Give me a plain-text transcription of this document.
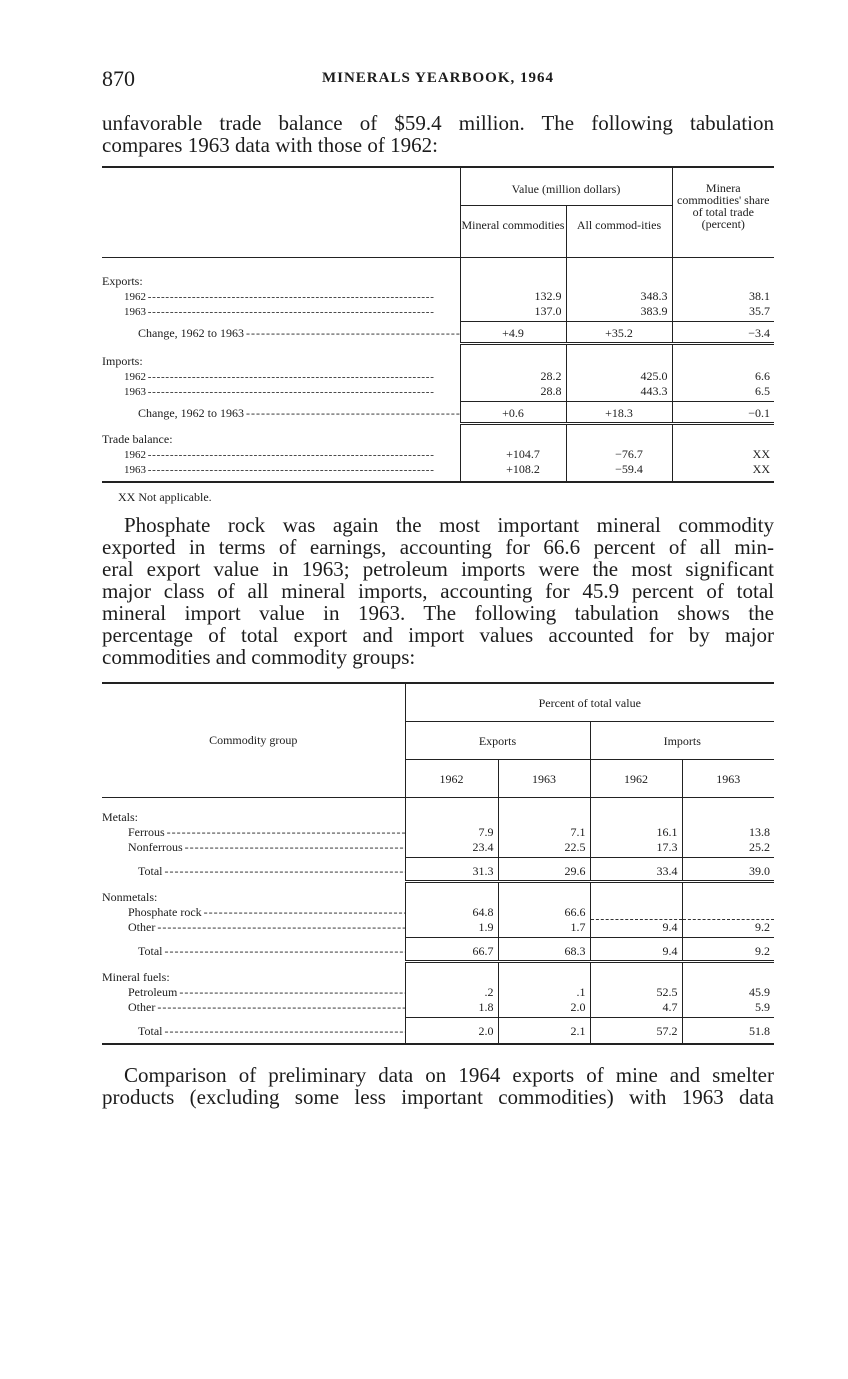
870	MINERALS YEARBOOK, 1964

unfavorable trade balance of $59.4 million. The following tabulation
compares 1963 data with those of 1962:

	Value (million dollars)		Minera commodities' share of total trade (percent)
	Mineral commodities	All commod-ities	
Exports:			
1962 - - -	132.9	348.3	38.1
1963 - - -	137.0	383.9	35.7
Change, 1962 to 1963 - - -	+4.9	+35.2	−3.4
Imports:			
1962 - - -	28.2	425.0	6.6
1963 - - -	28.8	443.3	6.5
Change, 1962 to 1963 - - -	+0.6	+18.3	−0.1
Trade balance:			
1962 - - -	+104.7	−76.7	XX
1963 - - -	+108.2	−59.4	XX

XX Not applicable.

Phosphate rock was again the most important mineral commodity

exported in terms of earnings, accounting for 66.6 percent of all min-
eral export value in 1963; petroleum imports were the most significant
major class of all mineral imports, accounting for 45.9 percent of total
mineral import value in 1963. The following tabulation shows the
percentage of total export and import values accounted for by major
commodities and commodity groups:

Commodity group	Percent of total value			
	Exports		Imports	
	1962	1963	1962	1963
Metals:				
Ferrous - - -	7.9	7.1	16.1	13.8
Nonferrous - - -	23.4	22.5	17.3	25.2
Total - - -	31.3	29.6	33.4	39.0
Nonmetals:				
Phosphate rock - - -	64.8	66.6		
Other - - -	1.9	1.7	9.4	9.2
Total - - -	66.7	68.3	9.4	9.2
Mineral fuels:				
Petroleum - - -	.2	.1	52.5	45.9
Other - - -	1.8	2.0	4.7	5.9
Total - - -	2.0	2.1	57.2	51.8

Comparison of preliminary data on 1964 exports of mine and smelter
products (excluding some less important commodities) with 1963 data
